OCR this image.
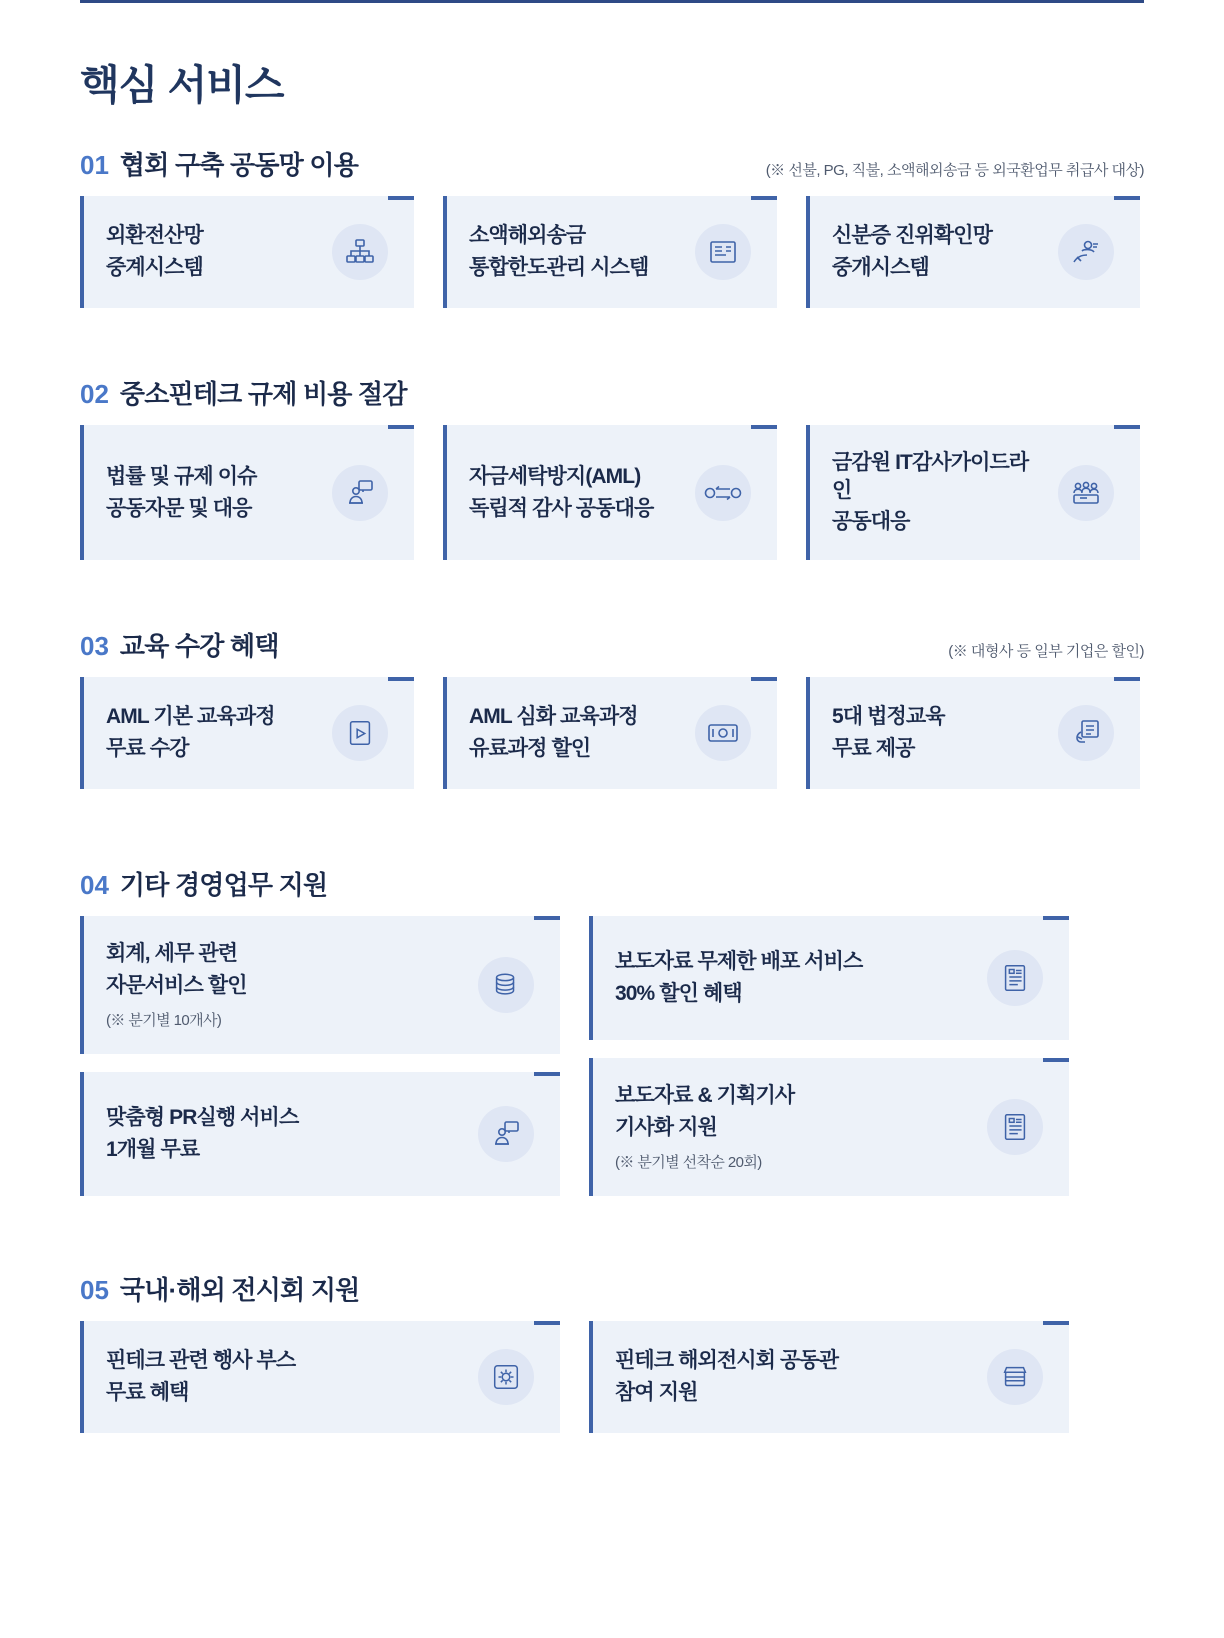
핵심 서비스
01 협회 구축 공동망 이용	(※ 선불, PG, 직불, 소액해외송금 등 외국환업무 취급사 대상)
외환전산망
중계시스템
소액해외송금
통합한도관리 시스템
신분증 진위확인망
중개시스템
02 중소핀테크 규제 비용 절감
법률 및 규제 이슈
공동자문 및 대응
자금세탁방지(AML)
독립적 감사 공동대응
금감원 IT감사가이드라인
공동대응
03 교육 수강 혜택	(※ 대형사 등 일부 기업은 할인)
AML 기본 교육과정
무료 수강
AML 심화 교육과정
유료과정 할인
5대 법정교육
무료 제공
04 기타 경영업무 지원
회계, 세무 관련
자문서비스 할인
(※ 분기별 10개사)
맞춤형 PR실행 서비스
1개월 무료
보도자료 무제한 배포 서비스
30% 할인 혜택
보도자료 & 기획기사
기사화 지원
(※ 분기별 선착순 20회)
05 국내·해외 전시회 지원
핀테크 관련 행사 부스
무료 혜택
핀테크 해외전시회 공동관
참여 지원
